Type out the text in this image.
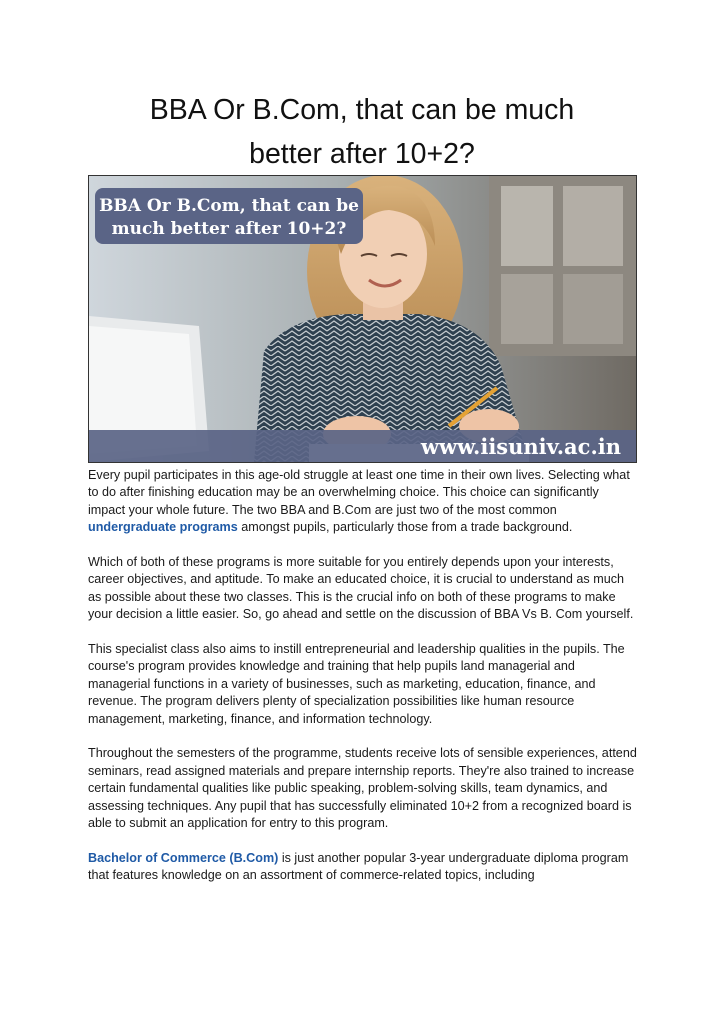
BBA Or B.Com, that can be much
better after 10+2?
BBA Or B.Com, that can be
much better after 10+2?
www.iisuniv.ac.in

Every pupil participates in this age-old struggle at least one time in their own lives. Selecting what to do after finishing education may be an overwhelming choice. This choice can significantly impact your whole future. The two BBA and B.Com are just two of the most common undergraduate programs amongst pupils, particularly those from a trade background.

Which of both of these programs is more suitable for you entirely depends upon your interests, career objectives, and aptitude. To make an educated choice, it is crucial to understand as much as possible about these two classes. This is the crucial info on both of these programs to make your decision a little easier. So, go ahead and settle on the discussion of BBA Vs B. Com yourself.

This specialist class also aims to instill entrepreneurial and leadership qualities in the pupils. The course's program provides knowledge and training that help pupils land managerial and managerial functions in a variety of businesses, such as marketing, education, finance, and revenue. The program delivers plenty of specialization possibilities like human resource management, marketing, finance, and information technology.

Throughout the semesters of the programme, students receive lots of sensible experiences, attend seminars, read assigned materials and prepare internship reports. They're also trained to increase certain fundamental qualities like public speaking, problem-solving skills, team dynamics, and assessing techniques. Any pupil that has successfully eliminated 10+2 from a recognized board is able to submit an application for entry to this program.

Bachelor of Commerce (B.Com) is just another popular 3-year undergraduate diploma program that features knowledge on an assortment of commerce-related topics, including
